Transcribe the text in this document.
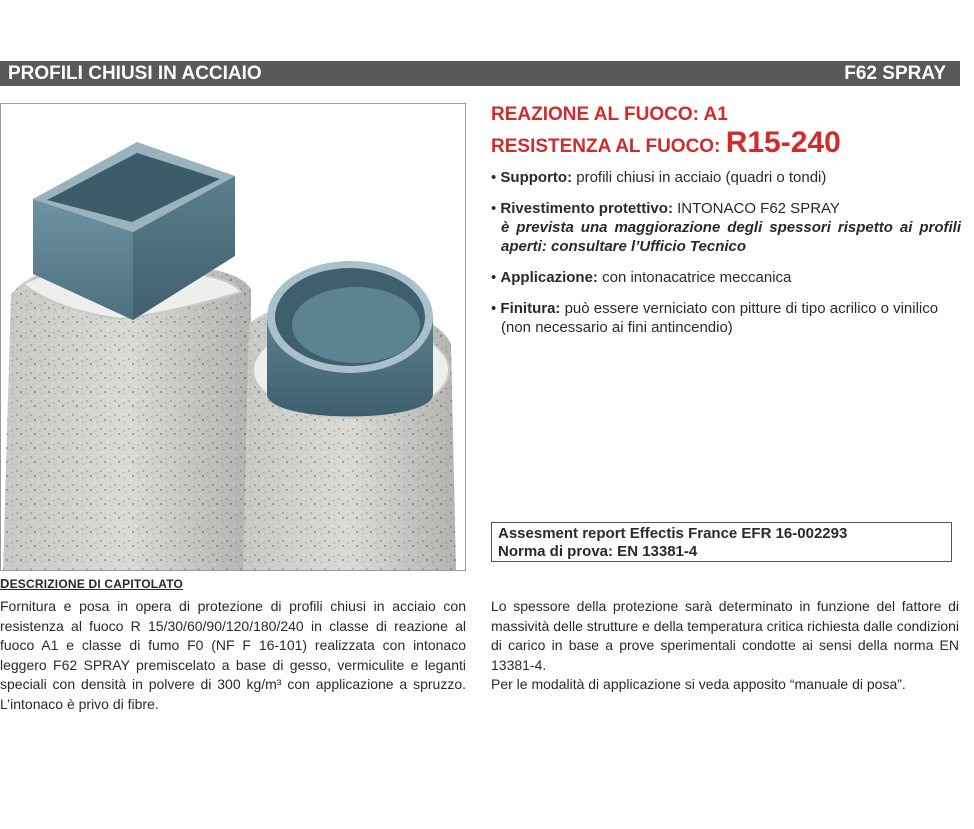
PROFILI CHIUSI IN ACCIAIO	F62 SPRAY

REAZIONE AL FUOCO: A1

RESISTENZA AL FUOCO: R15-240

• Supporto: profili chiusi in acciaio (quadri o tondi)
• Rivestimento protettivo: INTONACO F62 SPRAY
è prevista una maggiorazione degli spessori rispetto ai profili aperti: consultare l’Ufficio Tecnico
• Applicazione: con intonacatrice meccanica
• Finitura: può essere verniciato con pitture di tipo acrilico o vinilico (non necessario ai fini antincendio)
Assesment report Effectis France EFR 16-002293
Norma di prova: EN 13381-4
DESCRIZIONE DI CAPITOLATO

Fornitura e posa in opera di protezione di profili chiusi in acciaio con resistenza al fuoco R 15/30/60/90/120/180/240 in classe di reazione al fuoco A1 e classe di fumo F0 (NF F 16-101) realizzata con intonaco leggero F62 SPRAY premiscelato a base di gesso, vermiculite e leganti speciali con densità in polvere di 300 kg/m³ con applicazione a spruzzo. L’intonaco è privo di fibre.

Lo spessore della protezione sarà determinato in funzione del fattore di massività delle strutture e della temperatura critica richiesta dalle condizioni di carico in base a prove sperimentali condotte ai sensi della norma EN 13381-4.

Per le modalità di applicazione si veda apposito “manuale di posa”.
